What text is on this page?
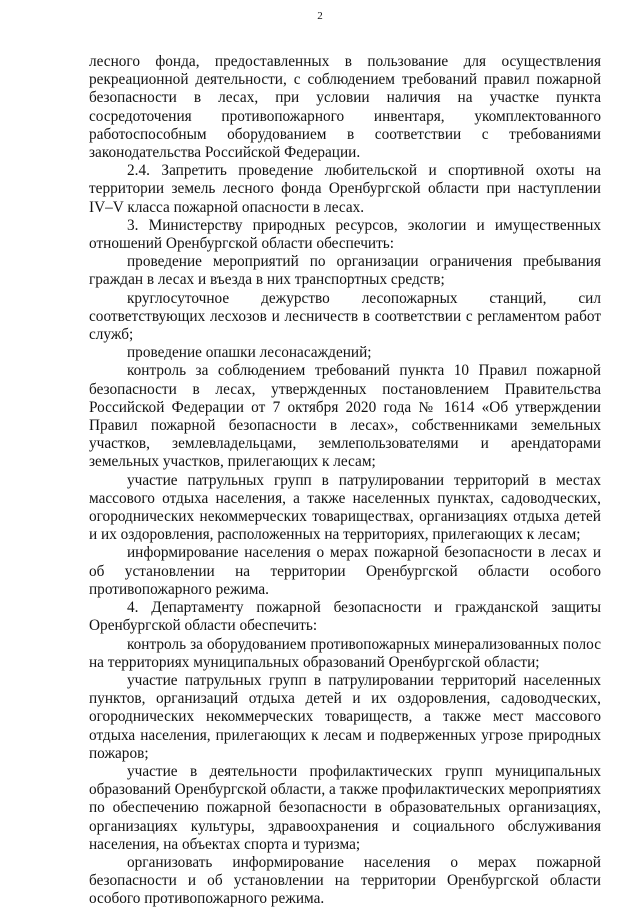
2

лесного фонда, предоставленных в пользование для осуществления рекреационной деятельности, с соблюдением требований правил пожарной безопасности в лесах, при условии наличия на участке пункта сосредоточения противопожарного инвентаря, укомплектованного работоспособным оборудованием в соответствии с требованиями законодательства Российской Федерации.

2.4. Запретить проведение любительской и спортивной охоты на территории земель лесного фонда Оренбургской области при наступлении IV–V класса пожарной опасности в лесах.

3. Министерству природных ресурсов, экологии и имущественных отношений Оренбургской области обеспечить:

проведение мероприятий по организации ограничения пребывания граждан в лесах и въезда в них транспортных средств;

круглосуточное дежурство лесопожарных станций, сил соответствующих лесхозов и лесничеств в соответствии с регламентом работ служб;

проведение опашки лесонасаждений;

контроль за соблюдением требований пункта 10 Правил пожарной безопасности в лесах, утвержденных постановлением Правительства Российской Федерации от 7 октября 2020 года № 1614 «Об утверждении Правил пожарной безопасности в лесах», собственниками земельных участков, землевладельцами, землепользователями и арендаторами земельных участков, прилегающих к лесам;

участие патрульных групп в патрулировании территорий в местах массового отдыха населения, а также населенных пунктах, садоводческих, огороднических некоммерческих товариществах, организациях отдыха детей и их оздоровления, расположенных на территориях, прилегающих к лесам;

информирование населения о мерах пожарной безопасности в лесах и об установлении на территории Оренбургской области особого противопожарного режима.

4. Департаменту пожарной безопасности и гражданской защиты Оренбургской области обеспечить:

контроль за оборудованием противопожарных минерализованных полос на территориях муниципальных образований Оренбургской области;

участие патрульных групп в патрулировании территорий населенных пунктов, организаций отдыха детей и их оздоровления, садоводческих, огороднических некоммерческих товариществ, а также мест массового отдыха населения, прилегающих к лесам и подверженных угрозе природных пожаров;

участие в деятельности профилактических групп муниципальных образований Оренбургской области, а также профилактических мероприятиях по обеспечению пожарной безопасности в образовательных организациях, организациях культуры, здравоохранения и социального обслуживания населения, на объектах спорта и туризма;

организовать информирование населения о мерах пожарной безопасности и об установлении на территории Оренбургской области особого противопожарного режима.
